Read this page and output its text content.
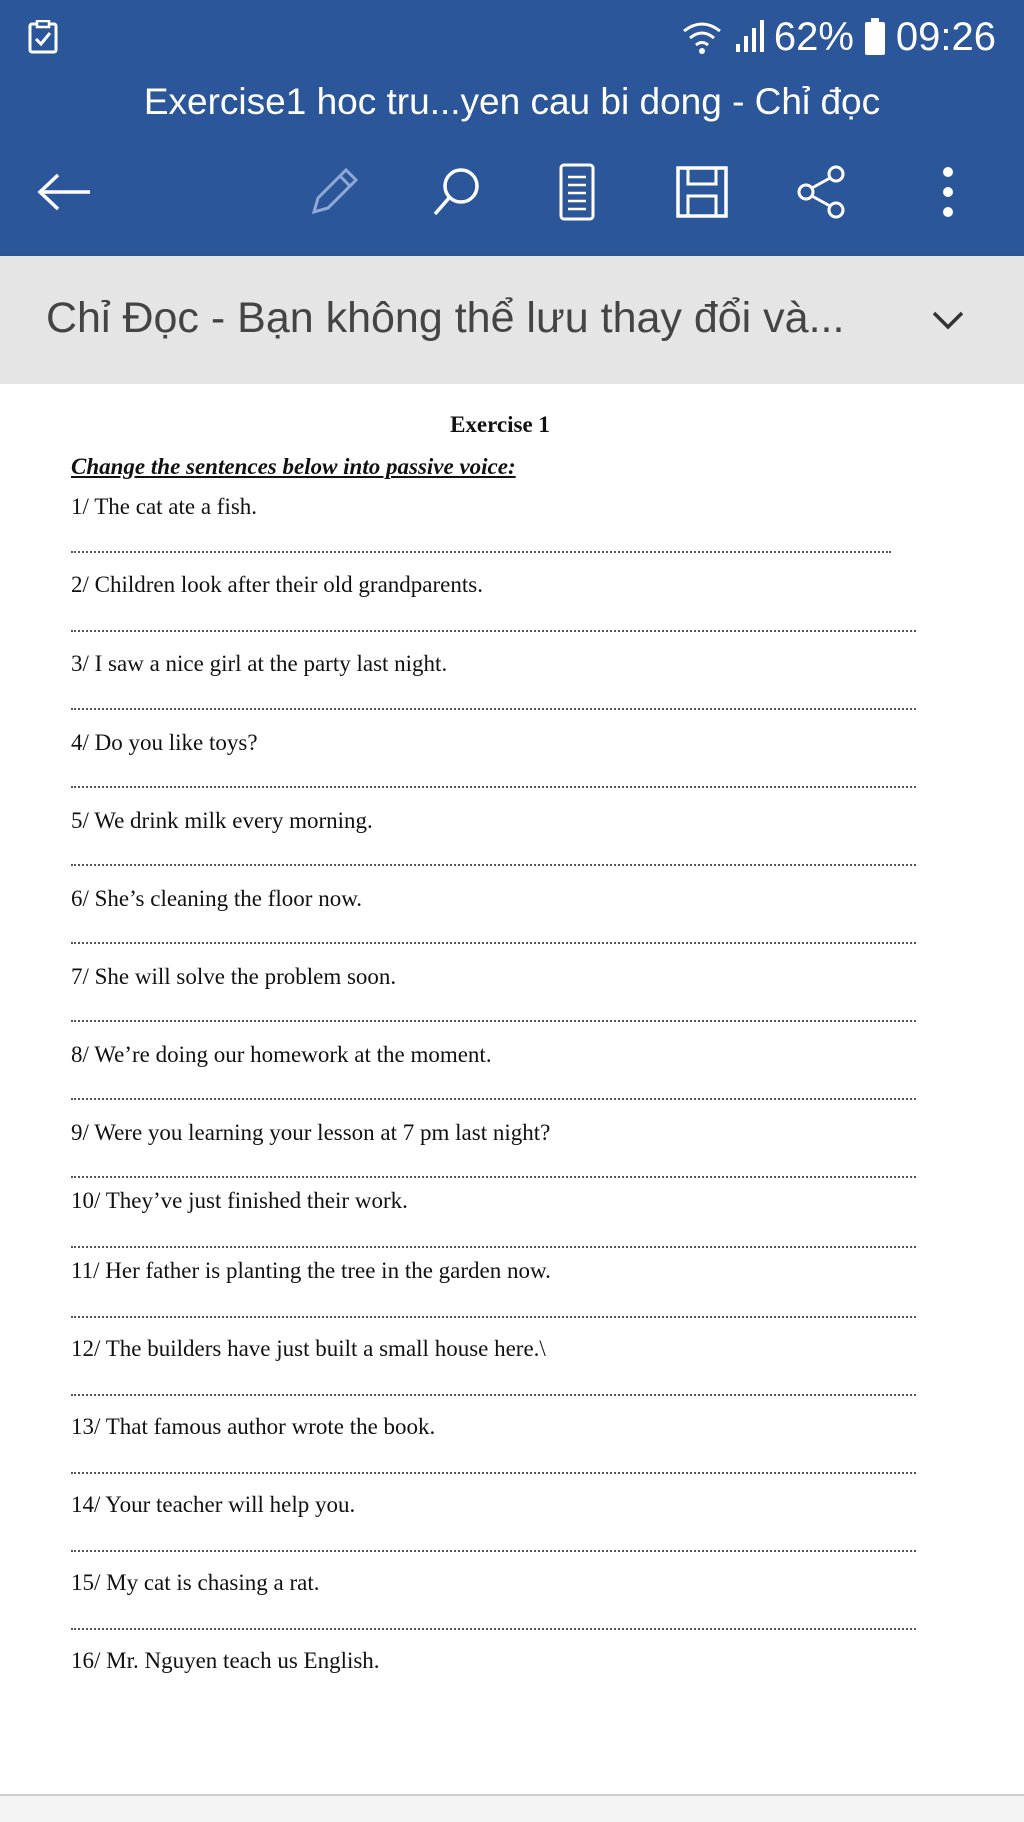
62% 09:26
Exercise1 hoc tru...yen cau bi dong - Chỉ đọc
Chỉ Đọc - Bạn không thể lưu thay đổi và...
Exercise 1
Change the sentences below into passive voice:
1/ The cat ate a fish.
2/ Children look after their old grandparents.
3/ I saw a nice girl at the party last night.
4/ Do you like toys?
5/ We drink milk every morning.
6/ She’s cleaning the floor now.
7/ She will solve the problem soon.
8/ We’re doing our homework at the moment.
9/ Were you learning your lesson at 7 pm last night?
10/ They’ve just finished their work.
11/ Her father is planting the tree in the garden now.
12/ The builders have just built a small house here.\
13/ That famous author wrote the book.
14/ Your teacher will help you.
15/ My cat is chasing a rat.
16/ Mr. Nguyen teach us English.
